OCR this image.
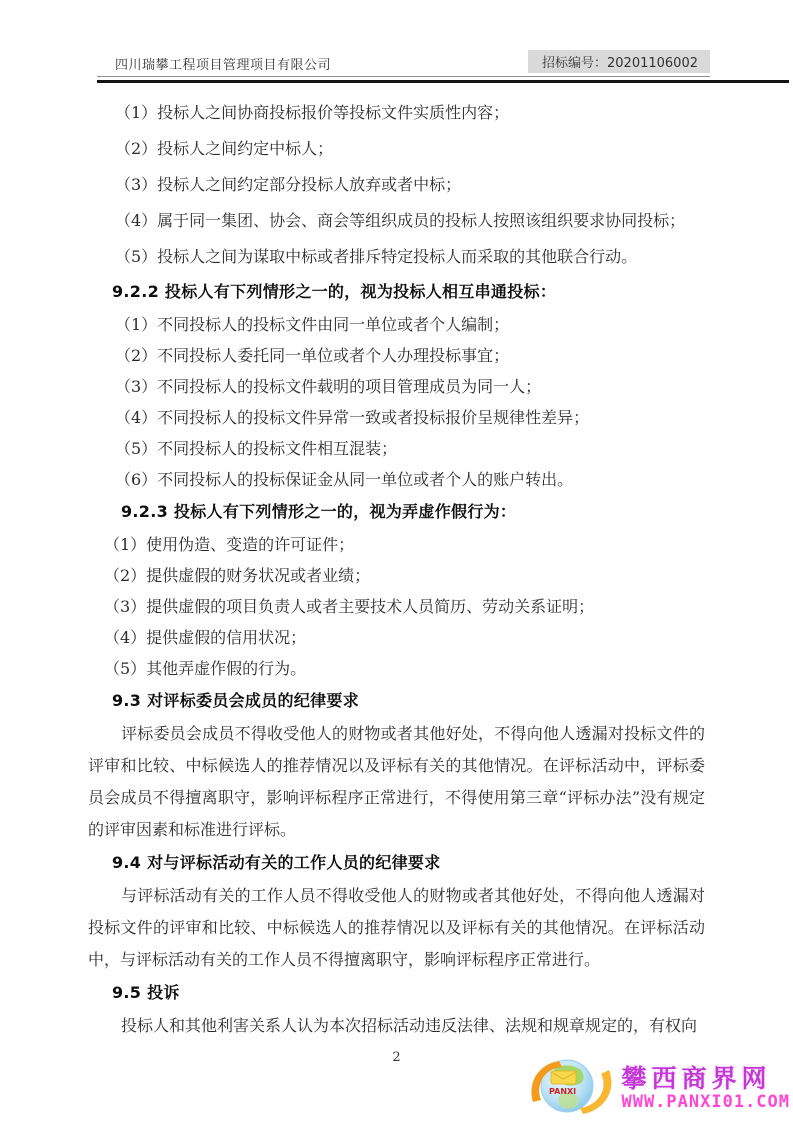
四川瑞攀工程项目管理项目有限公司	招标编号：20201106002

（1）投标人之间协商投标报价等投标文件实质性内容；

（2）投标人之间约定中标人；

（3）投标人之间约定部分投标人放弃或者中标；

（4）属于同一集团、协会、商会等组织成员的投标人按照该组织要求协同投标；

（5）投标人之间为谋取中标或者排斥特定投标人而采取的其他联合行动。

9.2.2 投标人有下列情形之一的，视为投标人相互串通投标：

（1）不同投标人的投标文件由同一单位或者个人编制；

（2）不同投标人委托同一单位或者个人办理投标事宜；

（3）不同投标人的投标文件载明的项目管理成员为同一人；

（4）不同投标人的投标文件异常一致或者投标报价呈规律性差异；

（5）不同投标人的投标文件相互混装；

（6）不同投标人的投标保证金从同一单位或者个人的账户转出。

9.2.3 投标人有下列情形之一的，视为弄虚作假行为：

（1）使用伪造、变造的许可证件；

（2）提供虚假的财务状况或者业绩；

（3）提供虚假的项目负责人或者主要技术人员简历、劳动关系证明；

（4）提供虚假的信用状况；

（5）其他弄虚作假的行为。

9.3 对评标委员会成员的纪律要求

评标委员会成员不得收受他人的财物或者其他好处，不得向他人透漏对投标文件的评审和比较、中标候选人的推荐情况以及评标有关的其他情况。在评标活动中，评标委员会成员不得擅离职守，影响评标程序正常进行，不得使用第三章“评标办法”没有规定的评审因素和标准进行评标。

9.4 对与评标活动有关的工作人员的纪律要求

与评标活动有关的工作人员不得收受他人的财物或者其他好处，不得向他人透漏对投标文件的评审和比较、中标候选人的推荐情况以及评标有关的其他情况。在评标活动中，与评标活动有关的工作人员不得擅离职守，影响评标程序正常进行。

9.5 投诉

投标人和其他利害关系人认为本次招标活动违反法律、法规和规章规定的，有权向

2
PANXI 攀西商界网
WWW.PANXI01.COM
